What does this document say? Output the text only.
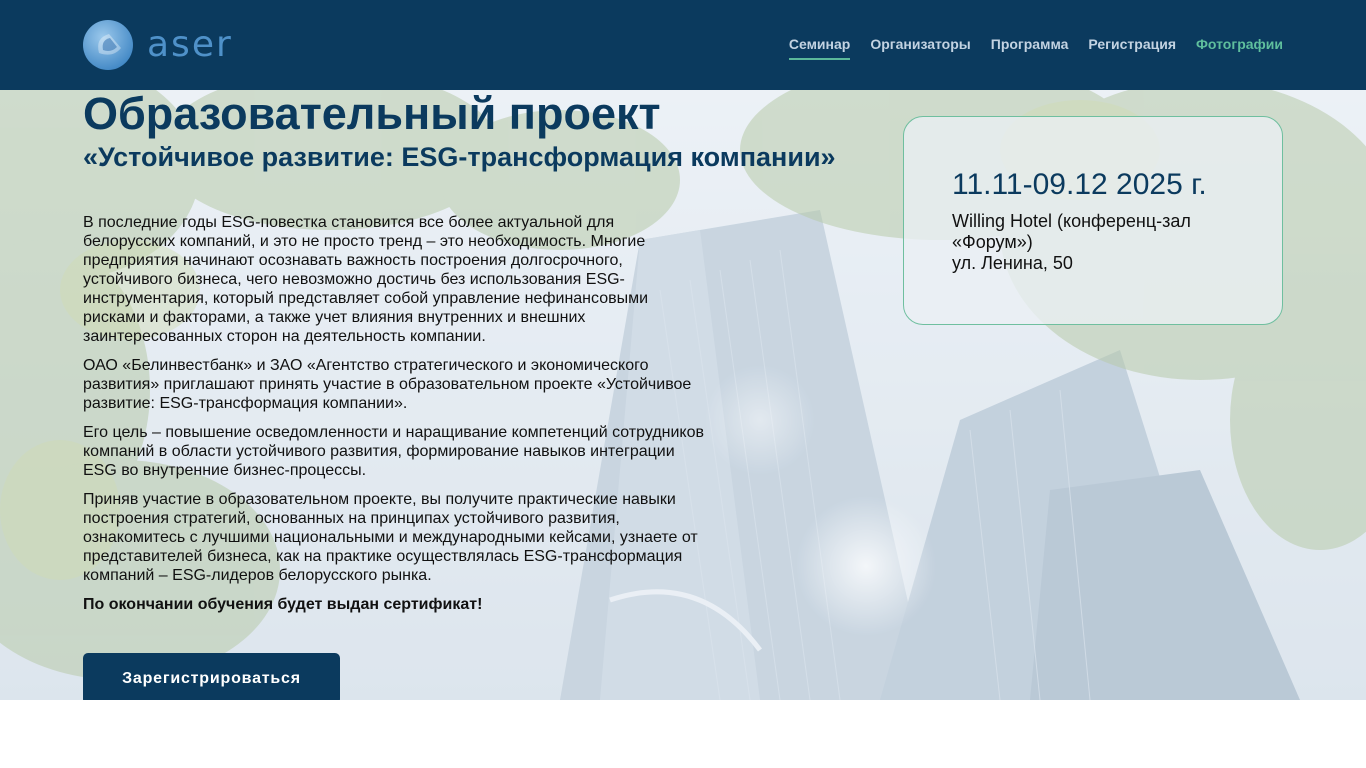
aser	Семинар Организаторы Программа Регистрация Фотографии
Образовательный проект
«Устойчивое развитие: ESG-трансформация компании»

В последние годы ESG-повестка становится все более актуальной для белорусских компаний, и это не просто тренд – это необходимость. Многие предприятия начинают осознавать важность построения долгосрочного, устойчивого бизнеса, чего невозможно достичь без использования ESG-инструментария, который представляет собой управление нефинансовыми рисками и факторами, а также учет влияния внутренних и внешних заинтересованных сторон на деятельность компании.

ОАО «Белинвестбанк» и ЗАО «Агентство стратегического и экономического развития» приглашают принять участие в образовательном проекте «Устойчивое развитие: ESG-трансформация компании».

Его цель – повышение осведомленности и наращивание компетенций сотрудников компаний в области устойчивого развития, формирование навыков интеграции ESG во внутренние бизнес-процессы.

Приняв участие в образовательном проекте, вы получите практические навыки построения стратегий, основанных на принципах устойчивого развития, ознакомитесь с лучшими национальными и международными кейсами, узнаете от представителей бизнеса, как на практике осуществлялась ESG-трансформация компаний – ESG-лидеров белорусского рынка.

По окончании обучения будет выдан сертификат!

Зарегистрироваться
11.11-09.12 2025 г.
Willing Hotel (конференц-зал «Форум»)
ул. Ленина, 50
